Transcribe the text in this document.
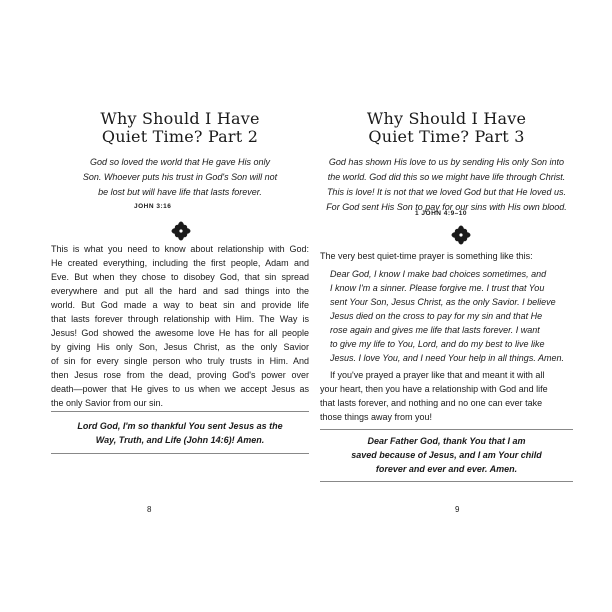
Why Should I Have
Quiet Time? Part 2
God so loved the world that He gave His only
Son. Whoever puts his trust in God's Son will not
be lost but will have life that lasts forever.
JOHN 3:16
This is what you need to know about relationship with God:
He created everything, including the first people, Adam and
Eve. But when they chose to disobey God, that sin spread
everywhere and put all the hard and sad things into the
world. But God made a way to beat sin and provide life
that lasts forever through relationship with Him. The Way is
Jesus! God showed the awesome love He has for all people
by giving His only Son, Jesus Christ, as the only Savior
of sin for every single person who truly trusts in Him. And
then Jesus rose from the dead, proving God's power over
death—power that He gives to us when we accept Jesus as
the only Savior from our sin.
Lord God, I'm so thankful You sent Jesus as the
Way, Truth, and Life (John 14:6)! Amen.
8
Why Should I Have
Quiet Time? Part 3
God has shown His love to us by sending His only Son into
the world. God did this so we might have life through Christ.
This is love! It is not that we loved God but that He loved us.
For God sent His Son to pay for our sins with His own blood.
1 JOHN 4:9–10
The very best quiet-time prayer is something like this:
Dear God, I know I make bad choices sometimes, and
I know I'm a sinner. Please forgive me. I trust that You
sent Your Son, Jesus Christ, as the only Savior. I believe
Jesus died on the cross to pay for my sin and that He
rose again and gives me life that lasts forever. I want
to give my life to You, Lord, and do my best to live like
Jesus. I love You, and I need Your help in all things. Amen.
If you've prayed a prayer like that and meant it with all
your heart, then you have a relationship with God and life
that lasts forever, and nothing and no one can ever take
those things away from you!
Dear Father God, thank You that I am
saved because of Jesus, and I am Your child
forever and ever and ever. Amen.
9
